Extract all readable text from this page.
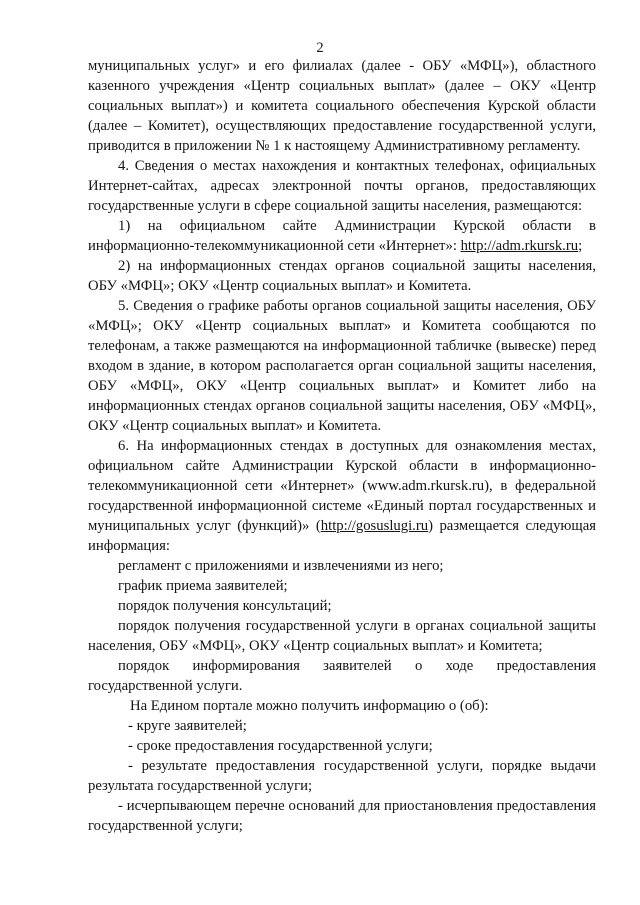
2

муниципальных услуг» и его филиалах (далее - ОБУ «МФЦ»), областного казенного учреждения «Центр социальных выплат» (далее – ОКУ «Центр социальных выплат») и комитета социального обеспечения Курской области (далее – Комитет), осуществляющих предоставление государственной услуги, приводится в приложении № 1 к настоящему Административному регламенту.

4. Сведения о местах нахождения и контактных телефонах, официальных Интернет-сайтах, адресах электронной почты органов, предоставляющих государственные услуги в сфере социальной защиты населения, размещаются:

1) на официальном сайте Администрации Курской области в информационно-телекоммуникационной сети «Интернет»: http://adm.rkursk.ru;

2) на информационных стендах органов социальной защиты населения, ОБУ «МФЦ»; ОКУ «Центр социальных выплат» и Комитета.

5. Сведения о графике работы органов социальной защиты населения, ОБУ «МФЦ»; ОКУ «Центр социальных выплат» и Комитета сообщаются по телефонам, а также размещаются на информационной табличке (вывеске) перед входом в здание, в котором располагается орган социальной защиты населения, ОБУ «МФЦ», ОКУ «Центр социальных выплат» и Комитет либо на информационных стендах органов социальной защиты населения, ОБУ «МФЦ», ОКУ «Центр социальных выплат» и Комитета.

6. На информационных стендах в доступных для ознакомления местах, официальном сайте Администрации Курской области в информационно-телекоммуникационной сети «Интернет» (www.adm.rkursk.ru), в федеральной государственной информационной системе «Единый портал государственных и муниципальных услуг (функций)» (http://gosuslugi.ru) размещается следующая информация:

регламент с приложениями и извлечениями из него;

график приема заявителей;

порядок получения консультаций;

порядок получения государственной услуги в органах социальной защиты населения, ОБУ «МФЦ», ОКУ «Центр социальных выплат» и Комитета;

порядок информирования заявителей о ходе предоставления государственной услуги.

На Едином портале можно получить информацию о (об):

- круге заявителей;

- сроке предоставления государственной услуги;

- результате предоставления государственной услуги, порядке выдачи результата государственной услуги;

- исчерпывающем перечне оснований для приостановления предоставления государственной услуги;
